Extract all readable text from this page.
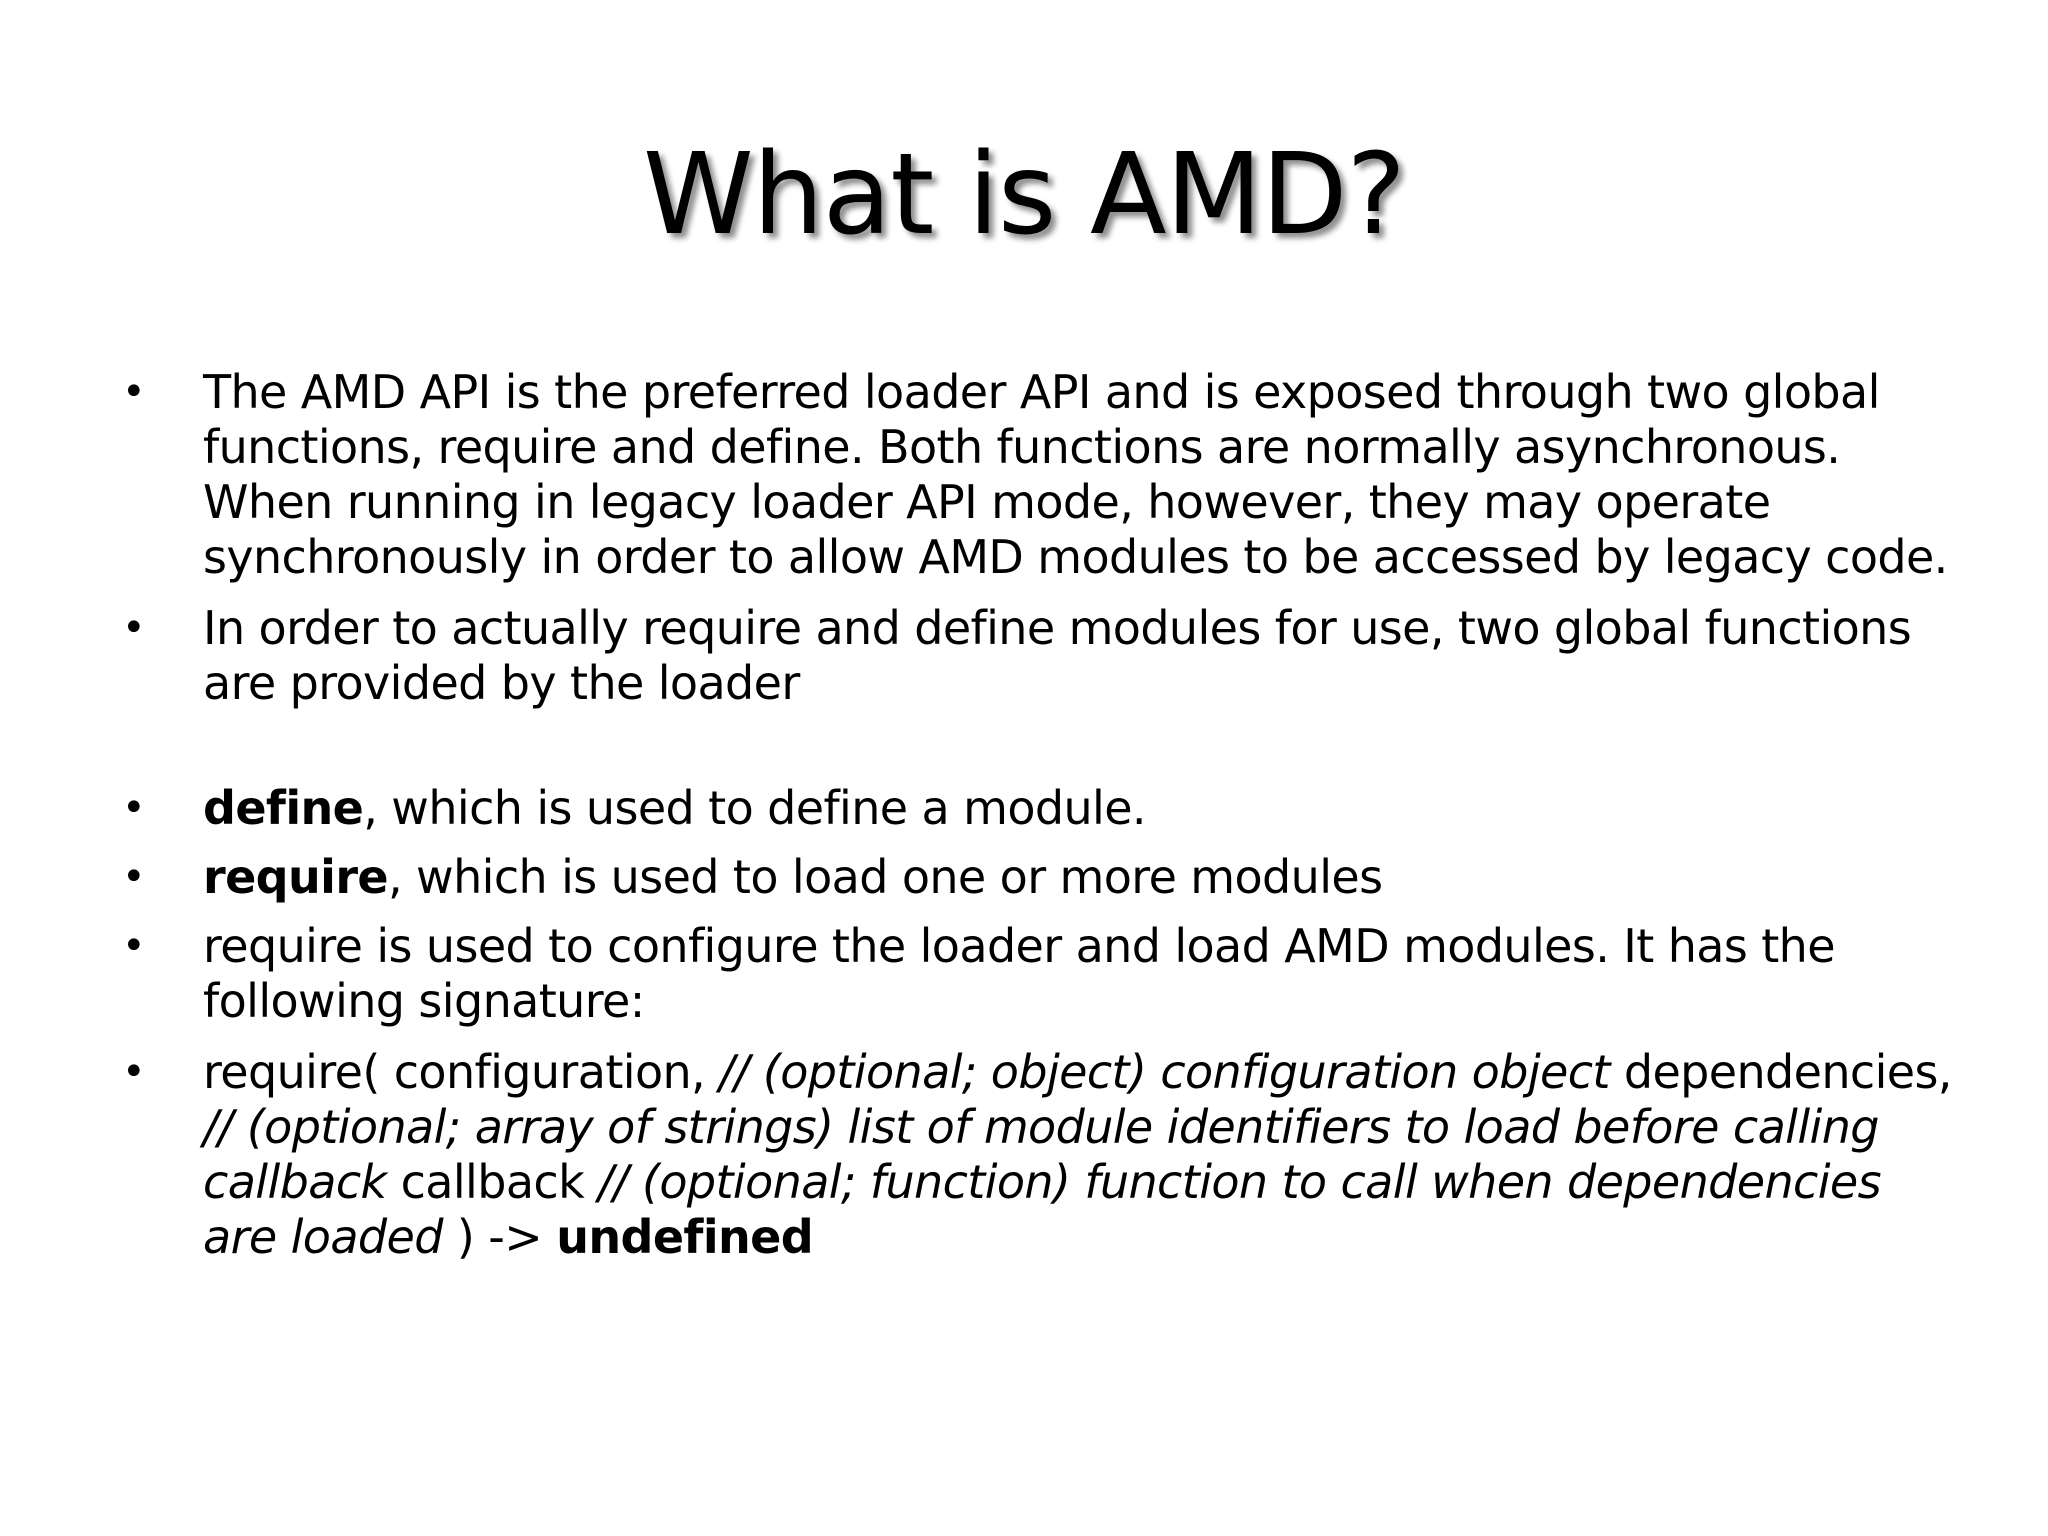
What is AMD?
•	The AMD API is the preferred loader API and is exposed through two global functions, require and define. Both functions are normally asynchronous. When running in legacy loader API mode, however, they may operate synchronously in order to allow AMD modules to be accessed by legacy code.
•	In order to actually require and define modules for use, two global functions are provided by the loader
•	define, which is used to define a module.
•	require, which is used to load one or more modules
•	require is used to configure the loader and load AMD modules. It has the following signature:
•	require( configuration, // (optional; object) configuration object dependencies, // (optional; array of strings) list of module identifiers to load before calling callback callback // (optional; function) function to call when dependencies are loaded ) -> undefined
